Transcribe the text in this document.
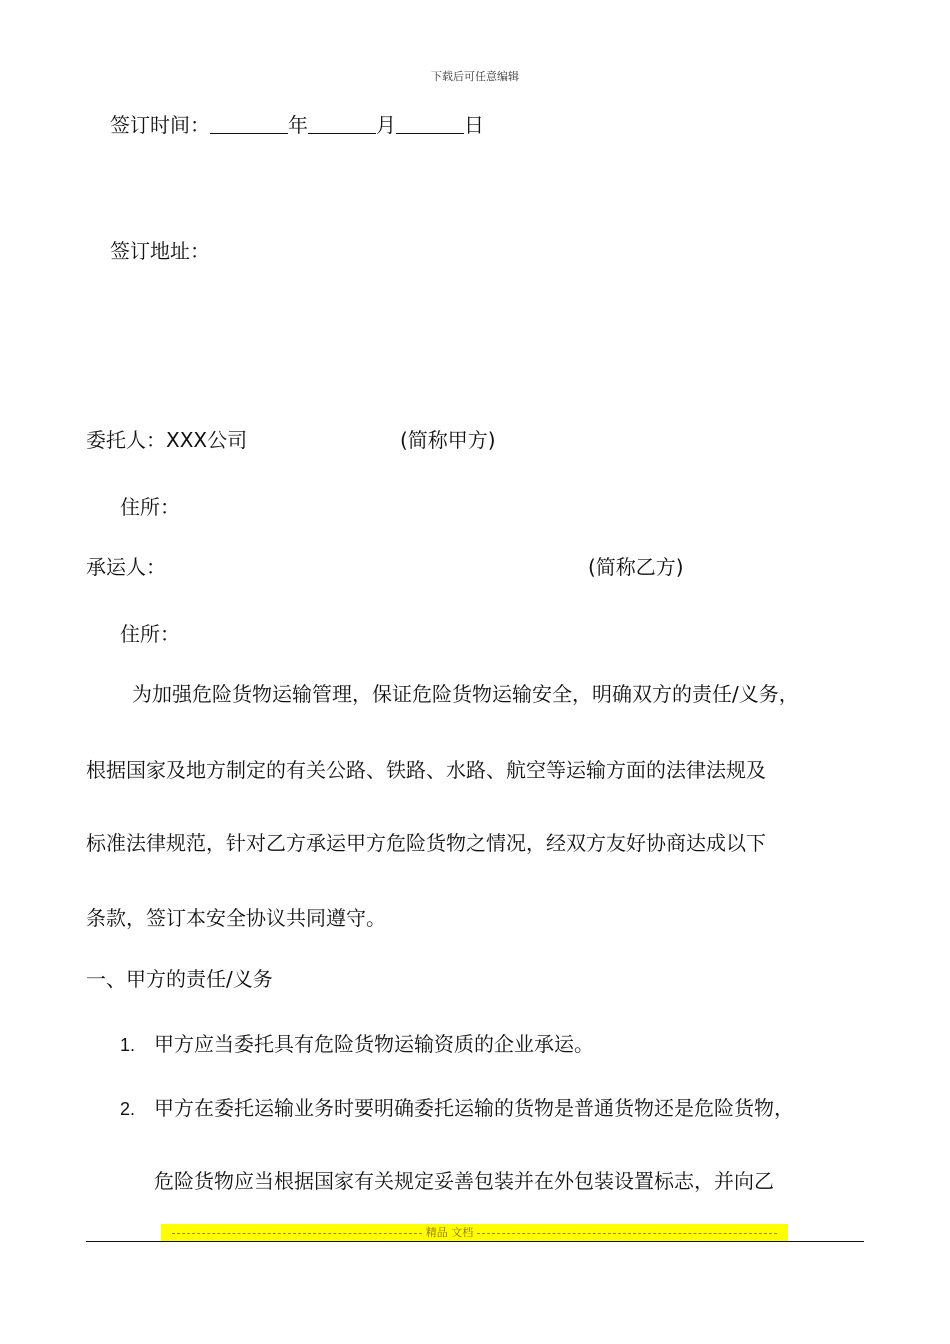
下载后可任意编辑
签订时间：	年	月	日
签订地址：
委托人：XXX公司	(简称甲方)
住所：
承运人：	(简称乙方)
住所：
为加强危险货物运输管理，保证危险货物运输安全，明确双方的责任/义务，
根据国家及地方制定的有关公路、铁路、水路、航空等运输方面的法律法规及
标准法律规范，针对乙方承运甲方危险货物之情况，经双方友好协商达成以下
条款，签订本安全协议共同遵守。
一、甲方的责任/义务
1. 甲方应当委托具有危险货物运输资质的企业承运。
2. 甲方在委托运输业务时要明确委托运输的货物是普通货物还是危险货物，
危险货物应当根据国家有关规定妥善包装并在外包装设置标志，并向乙
精品 文档
